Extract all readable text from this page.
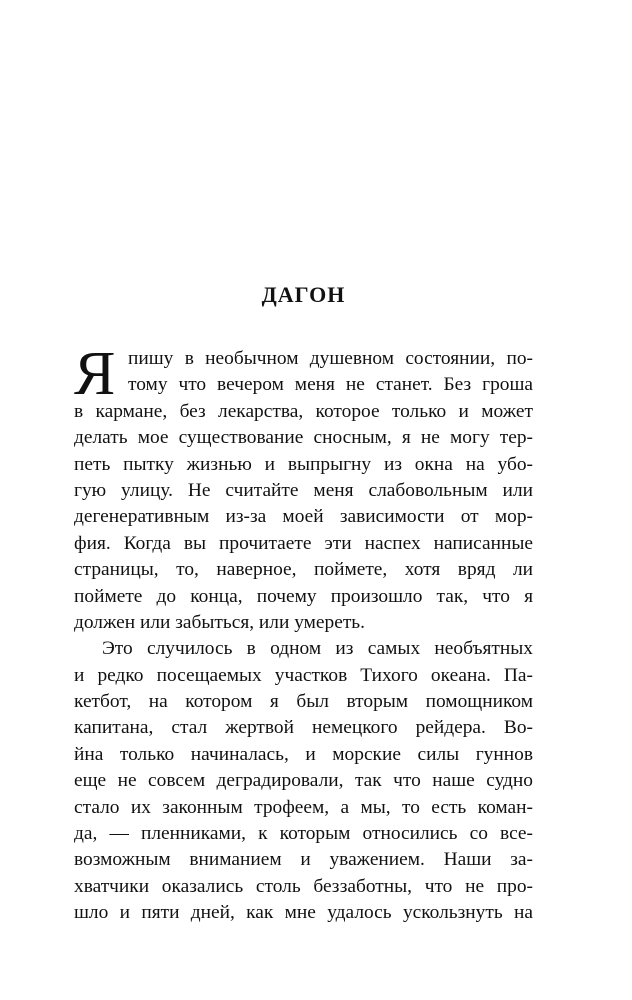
ДАГОН
Я пишу в необычном душевном состоянии, по-
тому что вечером меня не станет. Без гроша
в кармане, без лекарства, которое только и может
делать мое существование сносным, я не могу тер-
петь пытку жизнью и выпрыгну из окна на убо-
гую улицу. Не считайте меня слабовольным или
дегенеративным из-за моей зависимости от мор-
фия. Когда вы прочитаете эти наспех написанные
страницы, то, наверное, поймете, хотя вряд ли
поймете до конца, почему произошло так, что я
должен или забыться, или умереть.
Это случилось в одном из самых необъятных
и редко посещаемых участков Тихого океана. Па-
кетбот, на котором я был вторым помощником
капитана, стал жертвой немецкого рейдера. Во-
йна только начиналась, и морские силы гуннов
еще не совсем деградировали, так что наше судно
стало их законным трофеем, а мы, то есть коман-
да, — пленниками, к которым относились со все-
возможным вниманием и уважением. Наши за-
хватчики оказались столь беззаботны, что не про-
шло и пяти дней, как мне удалось ускользнуть на
